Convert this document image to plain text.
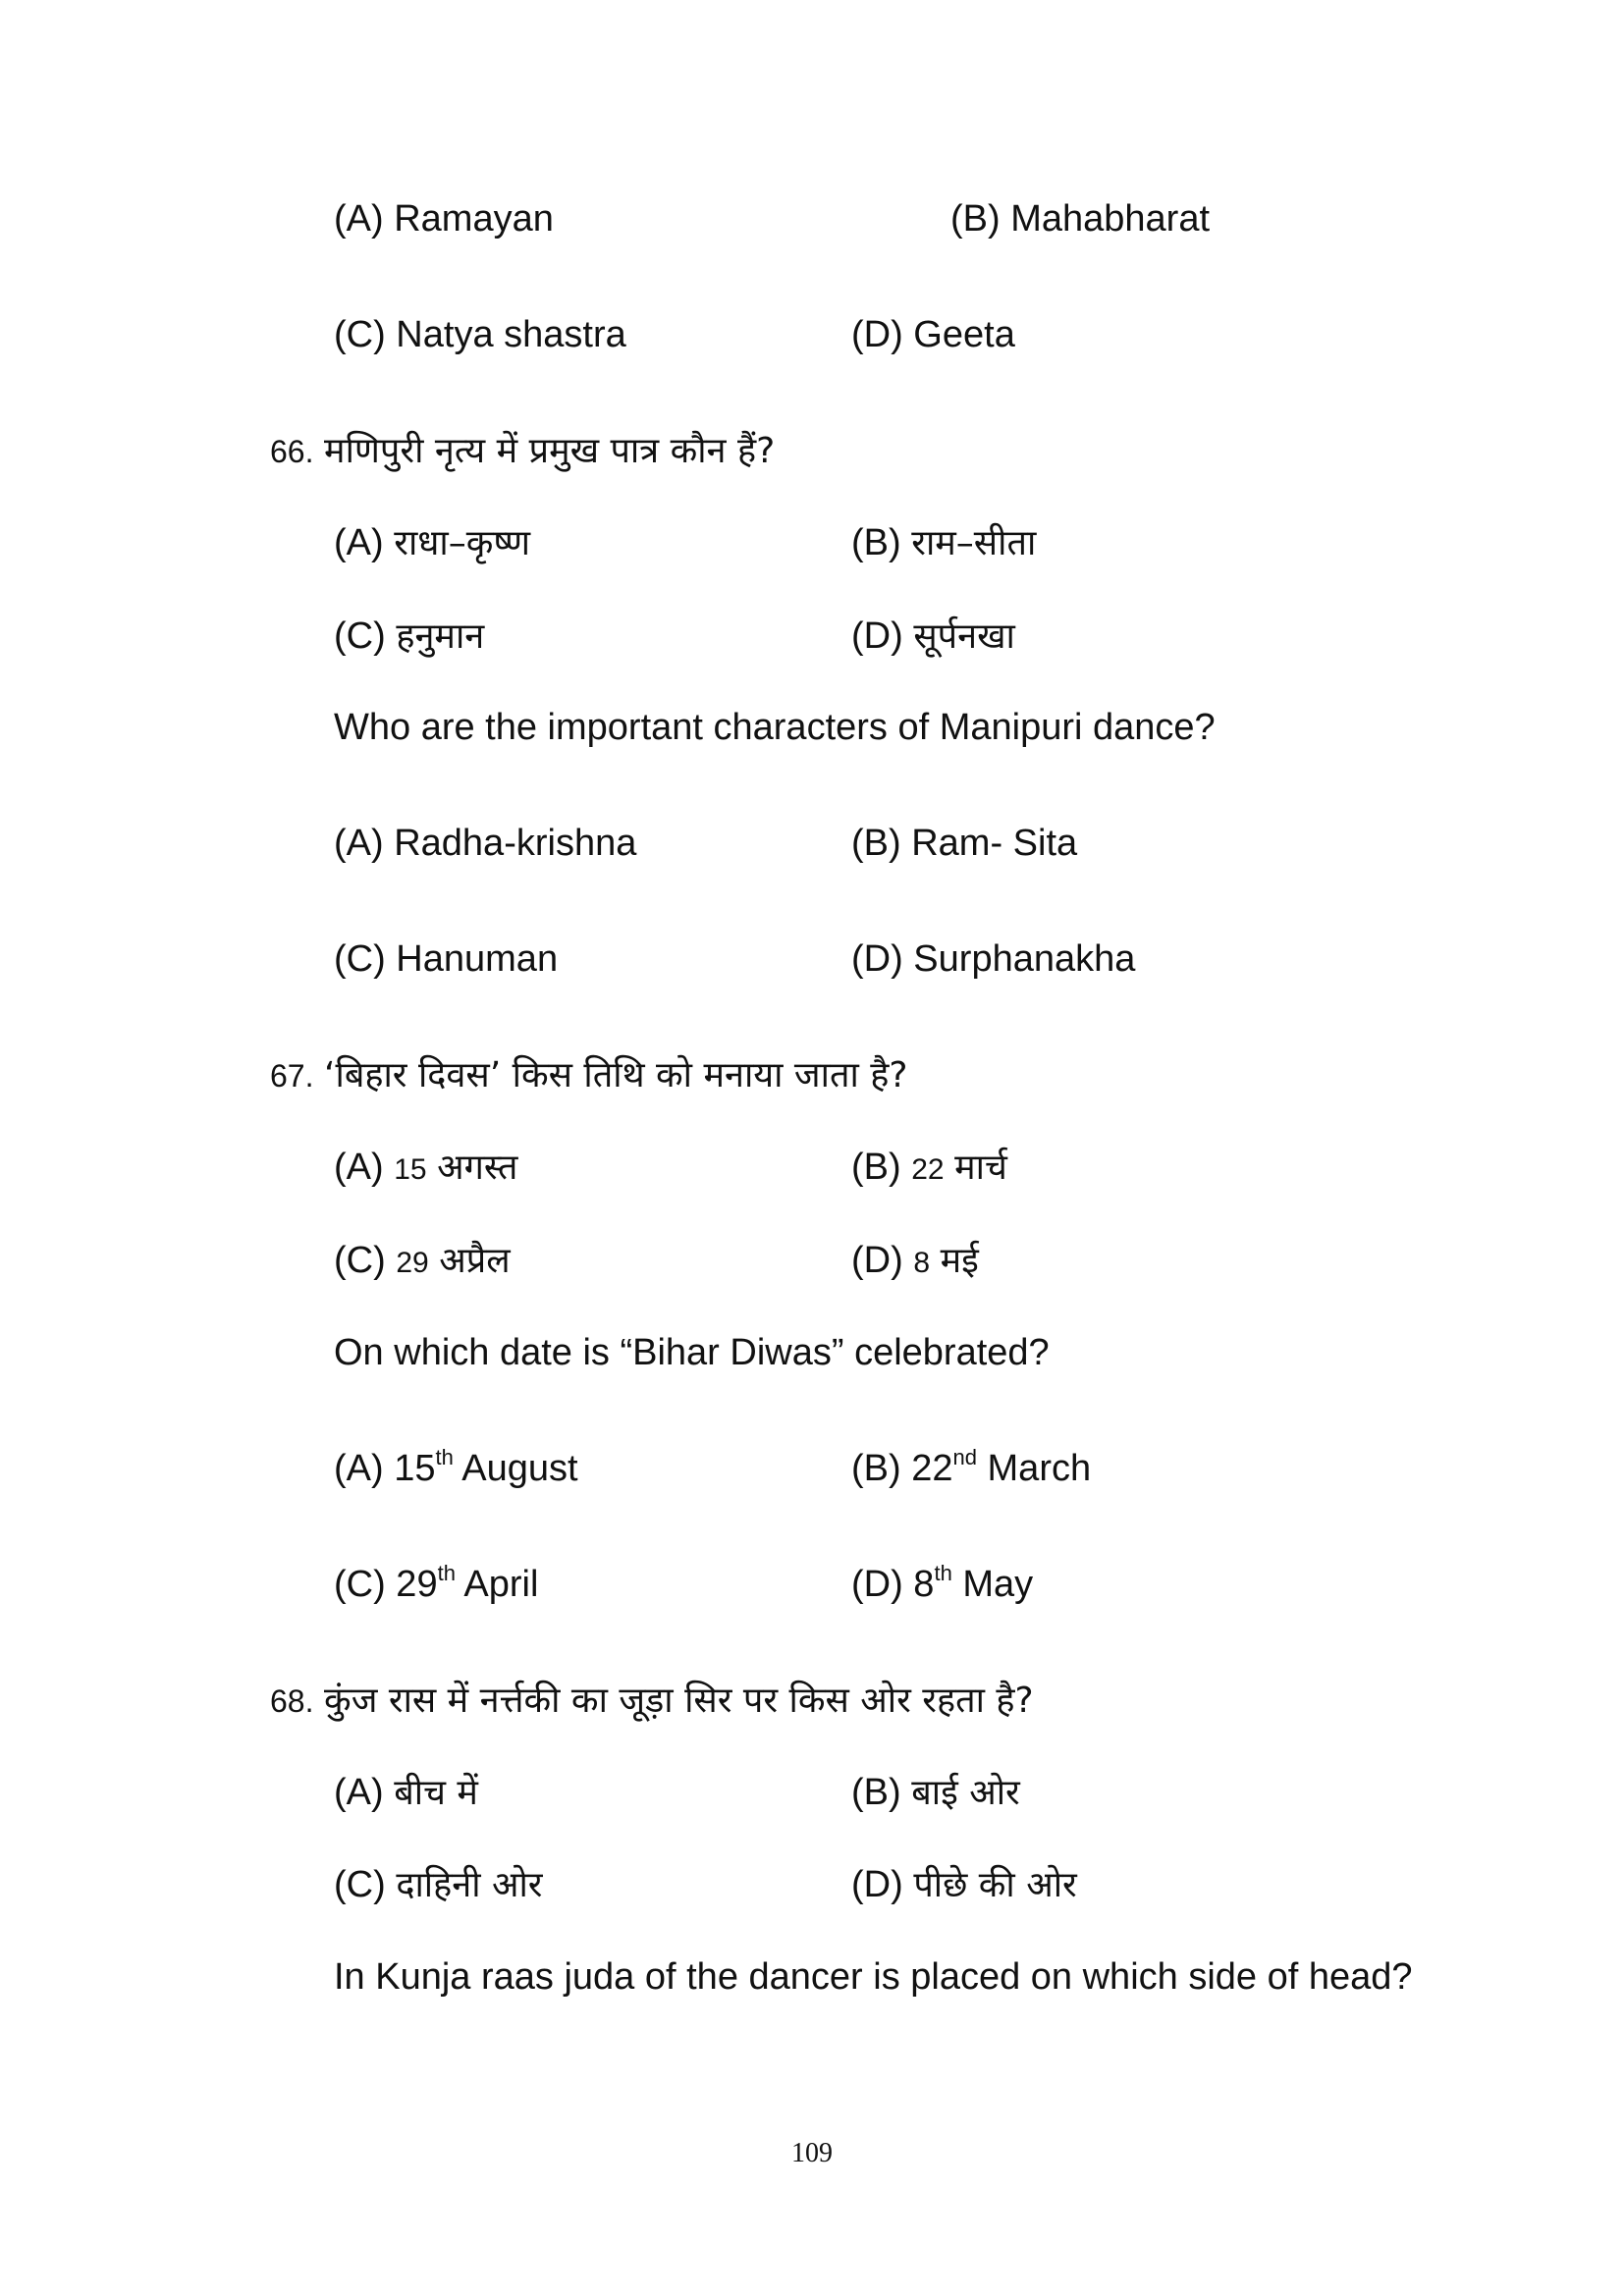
(A) Ramayan	(B) Mahabharat
(C) Natya shastra	(D) Geeta
66. मणिपुरी नृत्य में प्रमुख पात्र कौन हैं?
(A) राधा–कृष्ण	(B) राम–सीता
(C) हनुमान	(D) सूर्पनखा
Who are the important characters of Manipuri dance?
(A) Radha-krishna	(B) Ram- Sita
(C) Hanuman	(D) Surphanakha
67. ‘बिहार दिवस’ किस तिथि को मनाया जाता है?
(A) 15 अगस्त	(B) 22 मार्च
(C) 29 अप्रैल	(D) 8 मई
On which date is “Bihar Diwas” celebrated?
(A) 15th August	(B) 22nd March
(C) 29th April	(D) 8th May
68. कुंज रास में नर्त्तकी का जूड़ा सिर पर किस ओर रहता है?
(A) बीच में	(B) बाई ओर
(C) दाहिनी ओर	(D) पीछे की ओर
In Kunja raas juda of the dancer is placed on which side of head?
109
